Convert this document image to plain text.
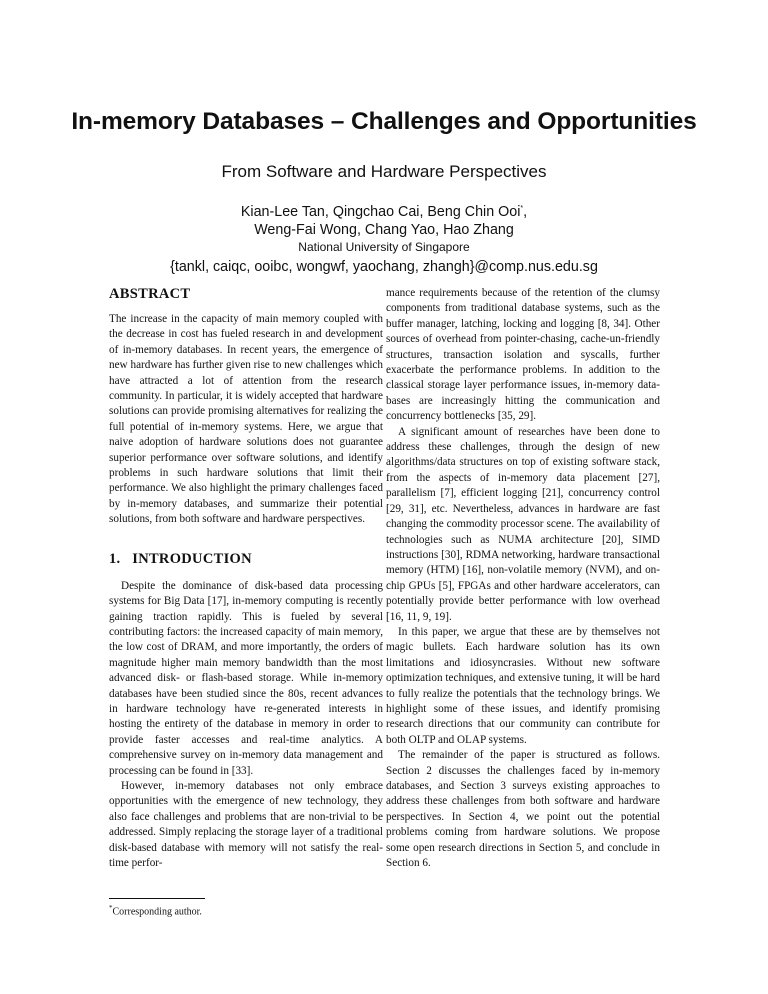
In-memory Databases – Challenges and Opportunities
From Software and Hardware Perspectives
Kian-Lee Tan, Qingchao Cai, Beng Chin Ooi*,
Weng-Fai Wong, Chang Yao, Hao Zhang
National University of Singapore
{tankl, caiqc, ooibc, wongwf, yaochang, zhangh}@comp.nus.edu.sg
ABSTRACT

The increase in the capacity of main memory coupled with the decrease in cost has fueled research in and development of in-memory databases. In recent years, the emergence of new hardware has further given rise to new challenges which have attracted a lot of attention from the research community. In particular, it is widely accepted that hardware solutions can provide promising alternatives for realizing the full potential of in-memory systems. Here, we argue that naive adoption of hardware solutions does not guarantee superior performance over software solutions, and identify problems in such hardware solutions that limit their performance. We also highlight the primary challenges faced by in-memory databases, and summarize their potential solutions, from both software and hardware perspectives.

1.   INTRODUCTION

Despite the dominance of disk-based data processing systems for Big Data [17], in-memory computing is recently gaining traction rapidly. This is fueled by several contributing factors: the increased capacity of main memory, the low cost of DRAM, and more importantly, the orders of magnitude higher main memory bandwidth than the most advanced disk- or flash-based storage. While in-memory databases have been studied since the 80s, recent advances in hardware technology have re-generated interests in hosting the entirety of the database in memory in order to provide faster accesses and real-time analytics. A comprehensive survey on in-memory data management and processing can be found in [33].

However, in-memory databases not only embrace opportunities with the emergence of new technology, they also face challenges and problems that are non-trivial to be addressed. Simply replacing the storage layer of a traditional disk-based database with memory will not satisfy the real-time perfor-

mance requirements because of the retention of the clumsy components from traditional database systems, such as the buffer manager, latching, locking and logging [8, 34]. Other sources of overhead from pointer-chasing, cache-un-friendly structures, transaction isolation and syscalls, further exacerbate the performance problems. In addition to the classical storage layer performance issues, in-memory data-bases are increasingly hitting the communication and concurrency bottlenecks [35, 29].

A significant amount of researches have been done to address these challenges, through the design of new algorithms/data structures on top of existing software stack, from the aspects of in-memory data placement [27], parallelism [7], efficient logging [21], concurrency control [29, 31], etc. Nevertheless, advances in hardware are fast changing the commodity processor scene. The availability of technologies such as NUMA architecture [20], SIMD instructions [30], RDMA networking, hardware transactional memory (HTM) [16], non-volatile memory (NVM), and on-chip GPUs [5], FPGAs and other hardware accelerators, can potentially provide better performance with low overhead [16, 11, 9, 19].

In this paper, we argue that these are by themselves not magic bullets. Each hardware solution has its own limitations and idiosyncrasies. Without new software optimization techniques, and extensive tuning, it will be hard to fully realize the potentials that the technology brings. We highlight some of these issues, and identify promising research directions that our community can contribute for both OLTP and OLAP systems.

The remainder of the paper is structured as follows. Section 2 discusses the challenges faced by in-memory databases, and Section 3 surveys existing approaches to address these challenges from both software and hardware perspectives. In Section 4, we point out the potential problems coming from hardware solutions. We propose some open research directions in Section 5, and conclude in Section 6.

*Corresponding author.
